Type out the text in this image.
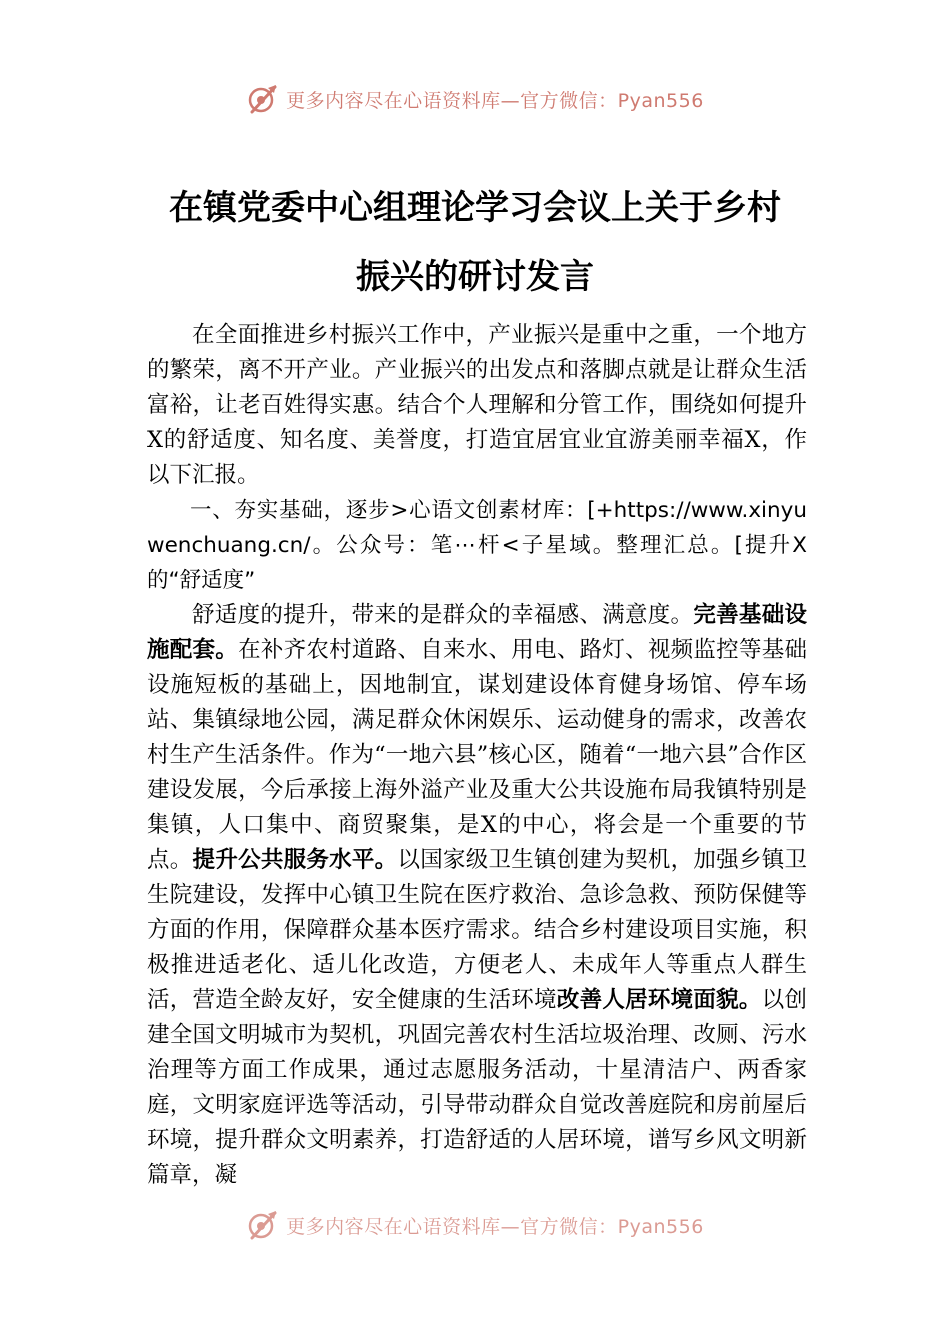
更多内容尽在心语资料库—官方微信：Pyan556
在镇党委中心组理论学习会议上关于乡村
振兴的研讨发言

在全面推进乡村振兴工作中，产业振兴是重中之重，一个地方的繁荣，离不开产业。产业振兴的出发点和落脚点就是让群众生活富裕，让老百姓得实惠。结合个人理解和分管工作，围绕如何提升X的舒适度、知名度、美誉度，打造宜居宜业宜游美丽幸福X，作以下汇报。

一、夯实基础，逐步>心语文创素材库：[+https://www.xinyuwenchuang.cn/。公众号：笔⋯杆<子星域。整理汇总。[提升X的“舒适度”

舒适度的提升，带来的是群众的幸福感、满意度。完善基础设施配套。在补齐农村道路、自来水、用电、路灯、视频监控等基础设施短板的基础上，因地制宜，谋划建设体育健身场馆、停车场站、集镇绿地公园，满足群众休闲娱乐、运动健身的需求，改善农村生产生活条件。作为“一地六县”核心区，随着“一地六县”合作区建设发展，今后承接上海外溢产业及重大公共设施布局我镇特别是集镇，人口集中、商贸聚集，是X的中心，将会是一个重要的节点。提升公共服务水平。以国家级卫生镇创建为契机，加强乡镇卫生院建设，发挥中心镇卫生院在医疗救治、急诊急救、预防保健等方面的作用，保障群众基本医疗需求。结合乡村建设项目实施，积极推进适老化、适儿化改造，方便老人、未成年人等重点人群生活，营造全龄友好，安全健康的生活环境改善人居环境面貌。以创建全国文明城市为契机，巩固完善农村生活垃圾治理、改厕、污水治理等方面工作成果，通过志愿服务活动，十星清洁户、两香家庭，文明家庭评选等活动，引导带动群众自觉改善庭院和房前屋后环境，提升群众文明素养，打造舒适的人居环境，谱写乡风文明新篇章，凝

更多内容尽在心语资料库—官方微信：Pyan556
